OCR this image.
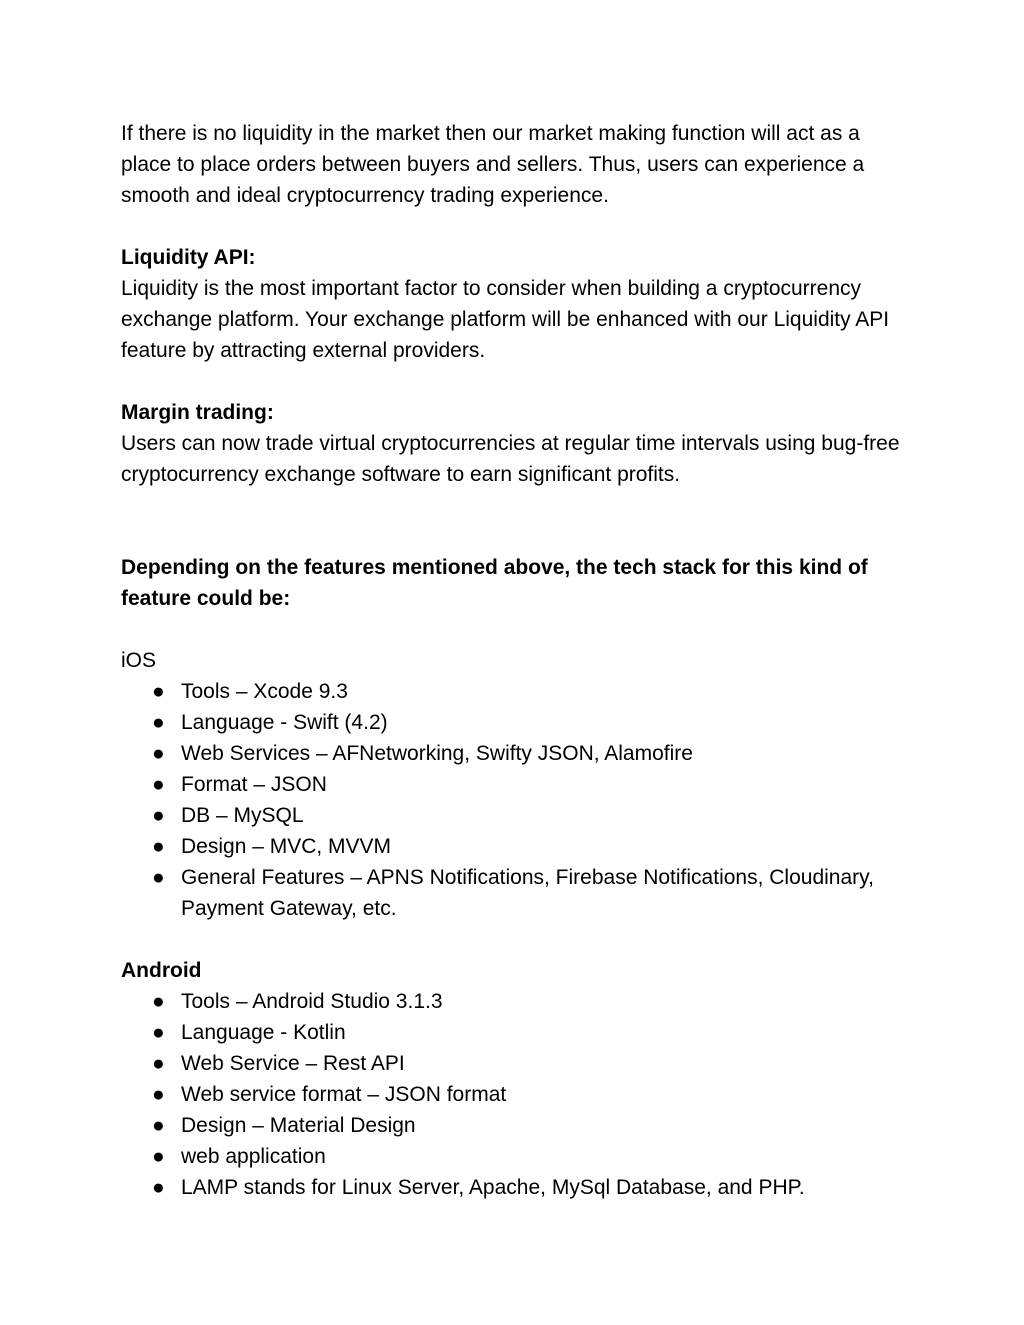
If there is no liquidity in the market then our market making function will act as a place to place orders between buyers and sellers. Thus, users can experience a smooth and ideal cryptocurrency trading experience.

Liquidity API:

Liquidity is the most important factor to consider when building a cryptocurrency exchange platform. Your exchange platform will be enhanced with our Liquidity API feature by attracting external providers.

Margin trading:

Users can now trade virtual cryptocurrencies at regular time intervals using bug-free cryptocurrency exchange software to earn significant profits.

Depending on the features mentioned above, the tech stack for this kind of feature could be:

iOS

● Tools – Xcode 9.3
● Language - Swift (4.2)
● Web Services – AFNetworking, Swifty JSON, Alamofire
● Format – JSON
● DB – MySQL
● Design – MVC, MVVM
● General Features – APNS Notifications, Firebase Notifications, Cloudinary, Payment Gateway, etc.

Android

● Tools – Android Studio 3.1.3
● Language - Kotlin
● Web Service – Rest API
● Web service format – JSON format
● Design – Material Design
● web application
● LAMP stands for Linux Server, Apache, MySql Database, and PHP.
